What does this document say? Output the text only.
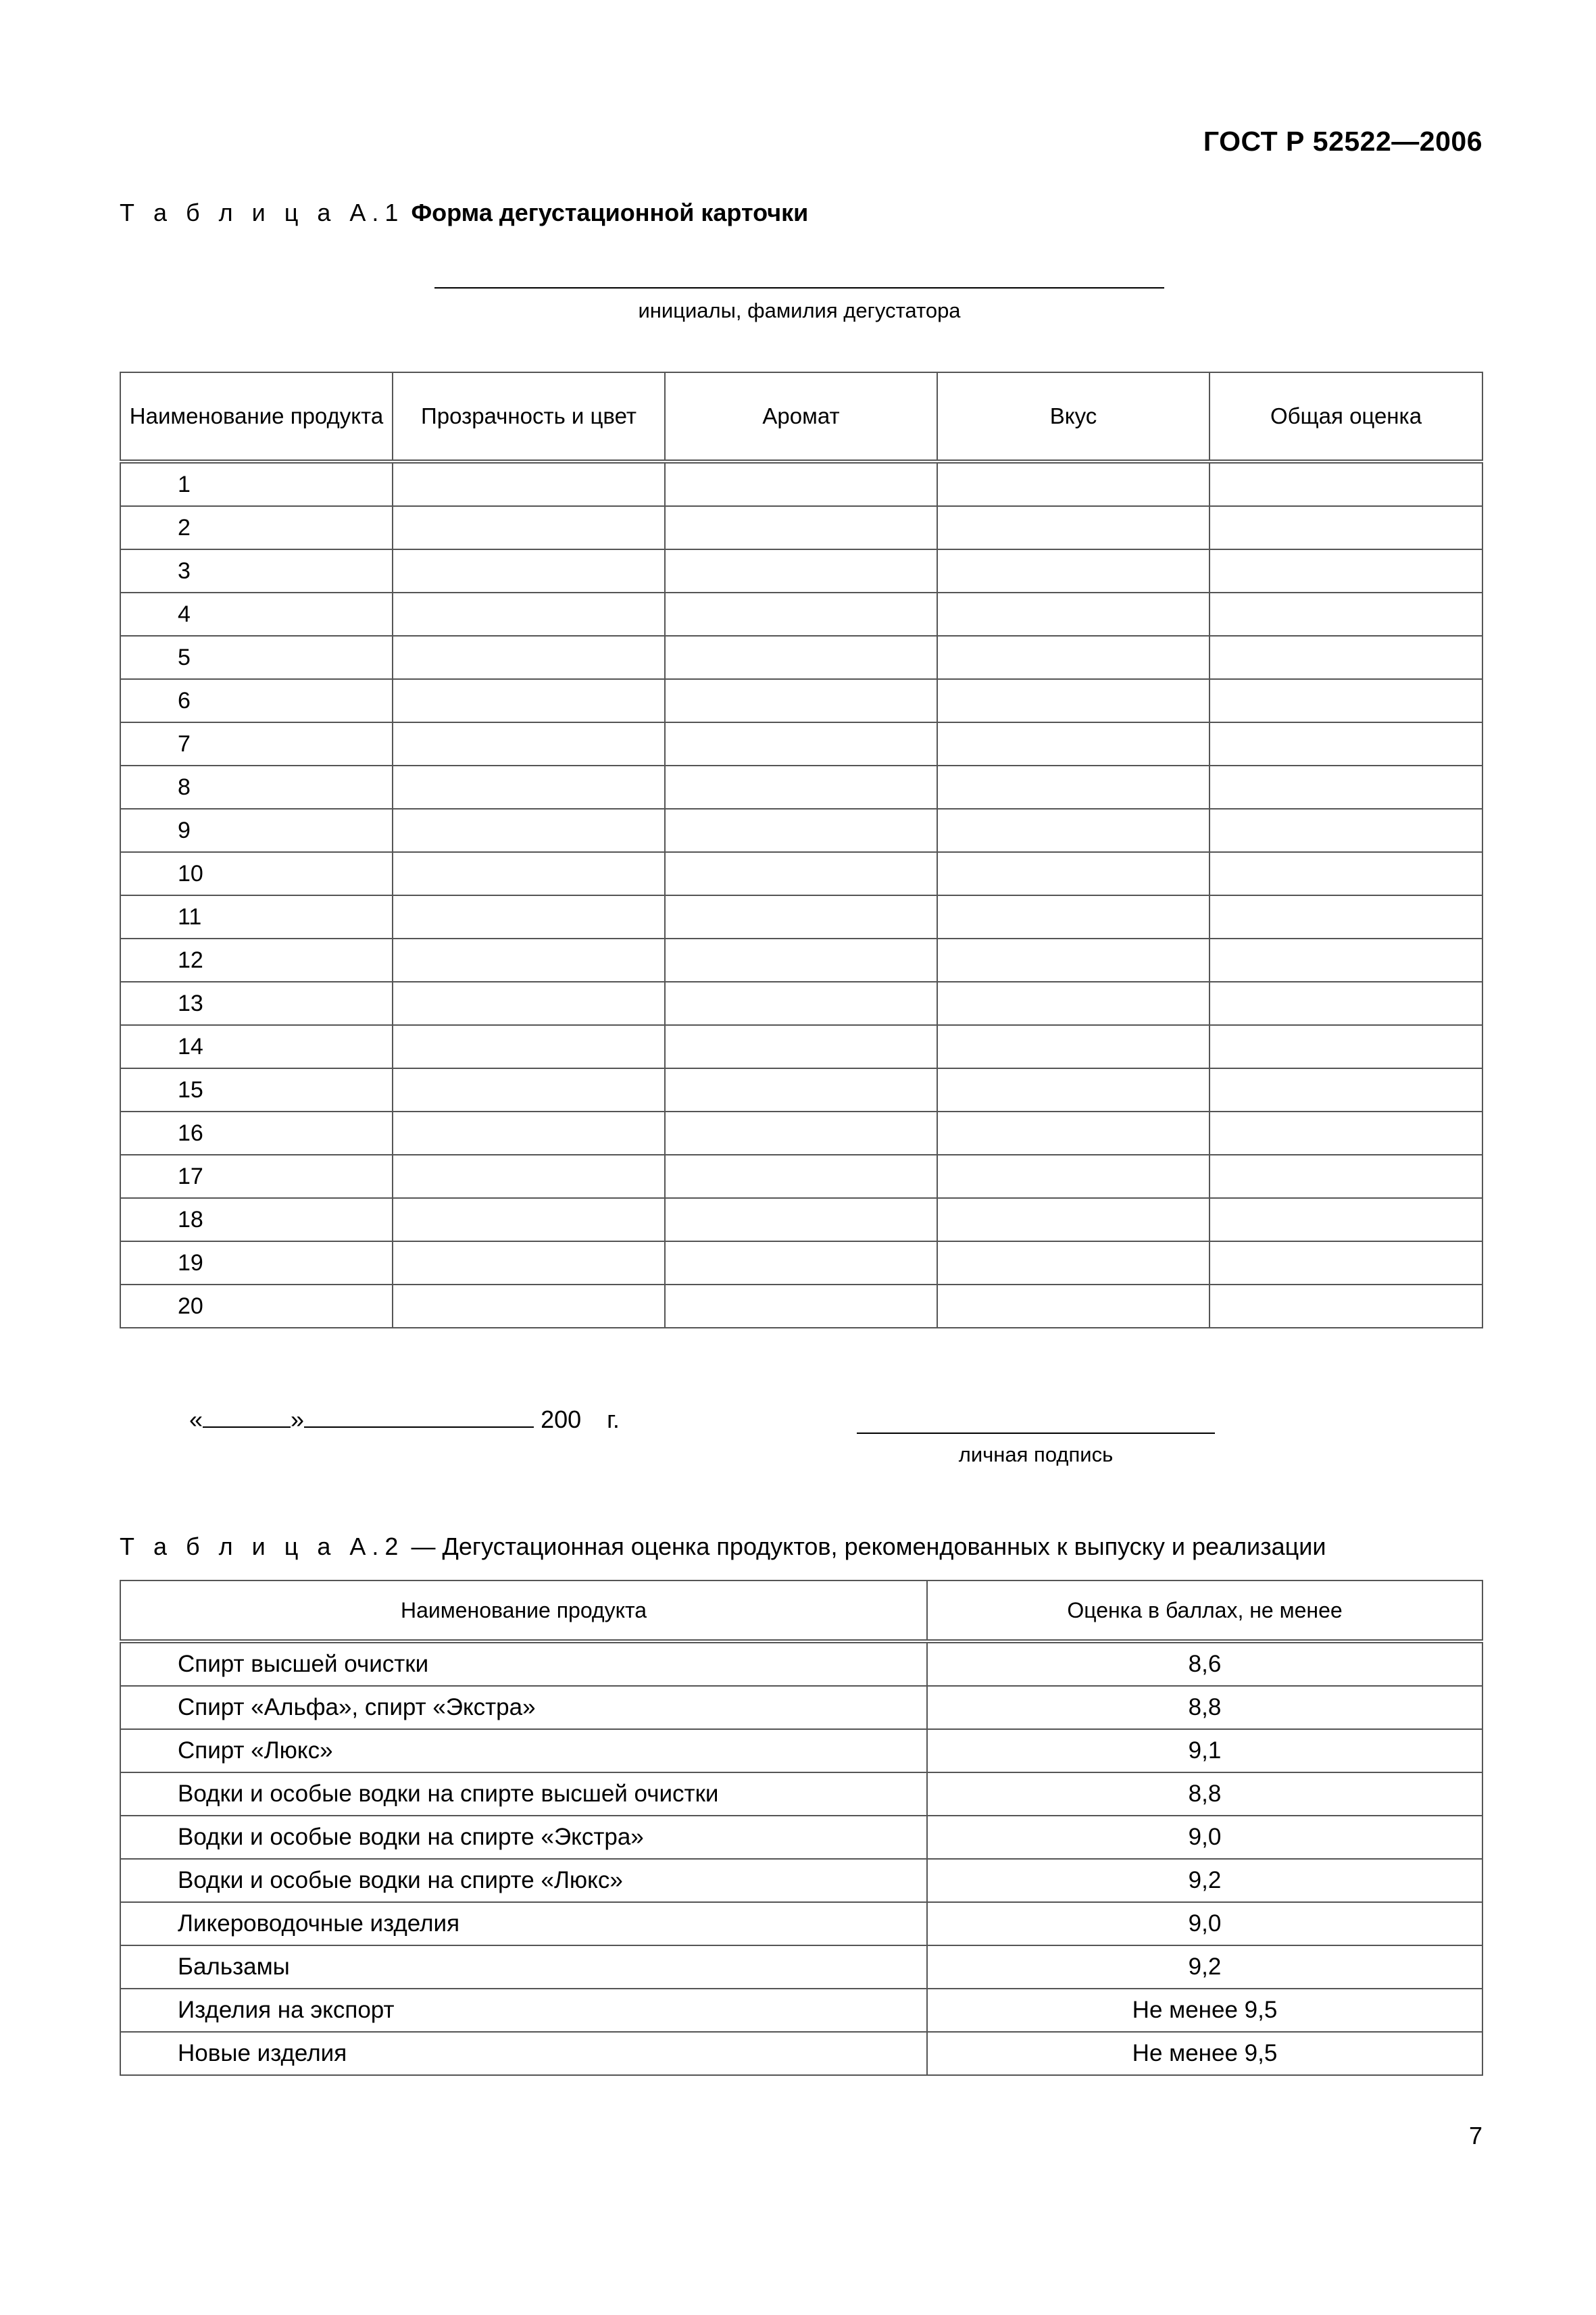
ГОСТ Р 52522—2006
Т а б л и ц а А.1 Форма дегустационной карточки
инициалы, фамилия дегустатора
Наименование продукта	Прозрачность и цвет	Аромат	Вкус	Общая оценка
1				
2				
3				
4				
5				
6				
7				
8				
9				
10				
11				
12				
13				
14				
15				
16				
17				
18				
19				
20				
«	»	200 г.
личная подпись
Т а б л и ц а А.2 — Дегустационная оценка продуктов, рекомендованных к выпуску и реализации
Наименование продукта	Оценка в баллах, не менее
Спирт высшей очистки	8,6
Спирт «Альфа», спирт «Экстра»	8,8
Спирт «Люкс»	9,1
Водки и особые водки на спирте высшей очистки	8,8
Водки и особые водки на спирте «Экстра»	9,0
Водки и особые водки на спирте «Люкс»	9,2
Ликероводочные изделия	9,0
Бальзамы	9,2
Изделия на экспорт	Не менее 9,5
Новые изделия	Не менее 9,5
7
